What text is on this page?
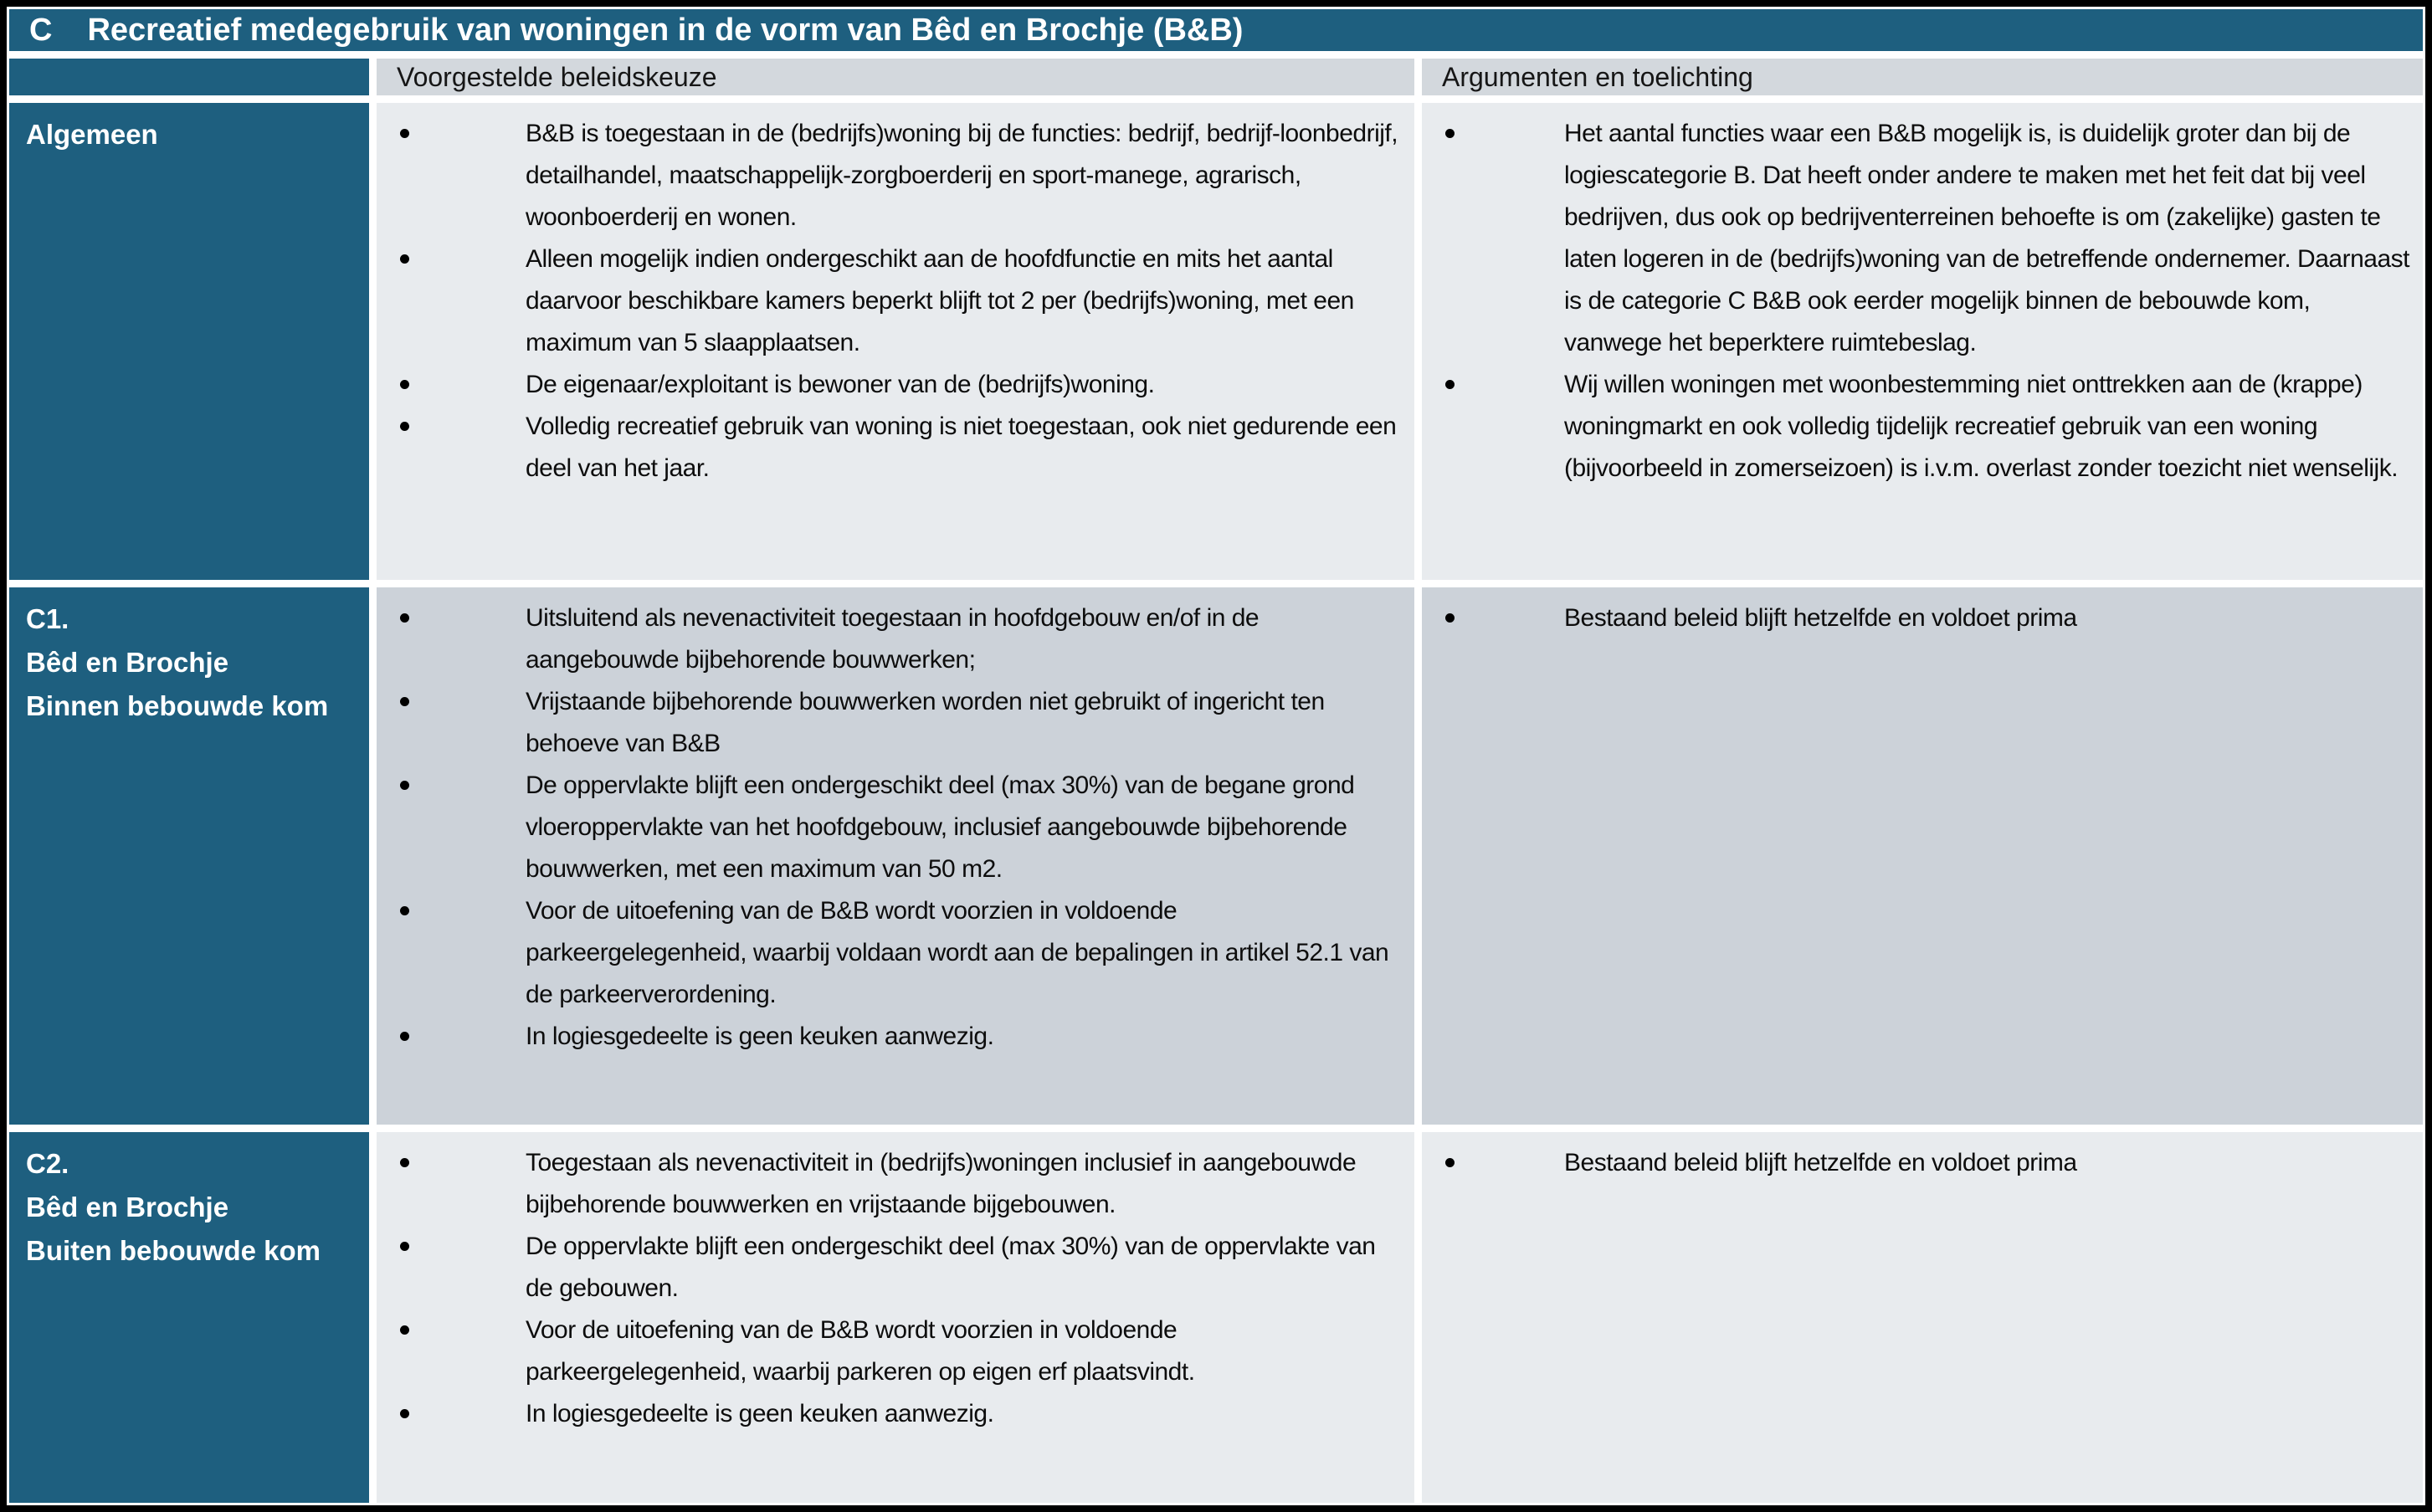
C Recreatief medegebruik van woningen in de vorm van Bêd en Brochje (B&B)
Voorgestelde beleidskeuze	Argumenten en toelichting
Algemeen	B&B is toegestaan in de (bedrijfs)woning bij de functies: bedrijf, bedrijf-loonbedrijf, detailhandel, maatschappelijk-zorgboerderij en sport-manege, agrarisch, woonboerderij en wonen.
Alleen mogelijk indien ondergeschikt aan de hoofdfunctie en mits het aantal daarvoor beschikbare kamers beperkt blijft tot 2 per (bedrijfs)woning, met een maximum van 5 slaapplaatsen.
De eigenaar/exploitant is bewoner van de (bedrijfs)woning.
Volledig recreatief gebruik van woning is niet toegestaan, ook niet gedurende een deel van het jaar.
Het aantal functies waar een B&B mogelijk is, is duidelijk groter dan bij de logiescategorie B. Dat heeft onder andere te maken met het feit dat bij veel bedrijven, dus ook op bedrijventerreinen behoefte is om (zakelijke) gasten te laten logeren in de (bedrijfs)woning van de betreffende ondernemer. Daarnaast is de categorie C B&B ook eerder mogelijk binnen de bebouwde kom, vanwege het beperktere ruimtebeslag.
Wij willen woningen met woonbestemming niet onttrekken aan de (krappe) woningmarkt en ook volledig tijdelijk recreatief gebruik van een woning (bijvoorbeeld in zomerseizoen) is i.v.m. overlast zonder toezicht niet wenselijk.
C1.
Bêd en Brochje
Binnen bebouwde kom
Uitsluitend als nevenactiviteit toegestaan in hoofdgebouw en/of in de aangebouwde bijbehorende bouwwerken;
Vrijstaande bijbehorende bouwwerken worden niet gebruikt of ingericht ten behoeve van B&B
De oppervlakte blijft een ondergeschikt deel (max 30%) van de begane grond vloeroppervlakte van het hoofdgebouw, inclusief aangebouwde bijbehorende bouwwerken, met een maximum van 50 m2.
Voor de uitoefening van de B&B wordt voorzien in voldoende parkeergelegenheid, waarbij voldaan wordt aan de bepalingen in artikel 52.1 van de parkeerverordening.
In logiesgedeelte is geen keuken aanwezig.
Bestaand beleid blijft hetzelfde en voldoet prima
C2.
Bêd en Brochje
Buiten bebouwde kom
Toegestaan als nevenactiviteit in (bedrijfs)woningen inclusief in aangebouwde bijbehorende bouwwerken en vrijstaande bijgebouwen.
De oppervlakte blijft een ondergeschikt deel (max 30%) van de oppervlakte van de gebouwen.
Voor de uitoefening van de B&B wordt voorzien in voldoende parkeergelegenheid, waarbij parkeren op eigen erf plaatsvindt.
In logiesgedeelte is geen keuken aanwezig.
Bestaand beleid blijft hetzelfde en voldoet prima
